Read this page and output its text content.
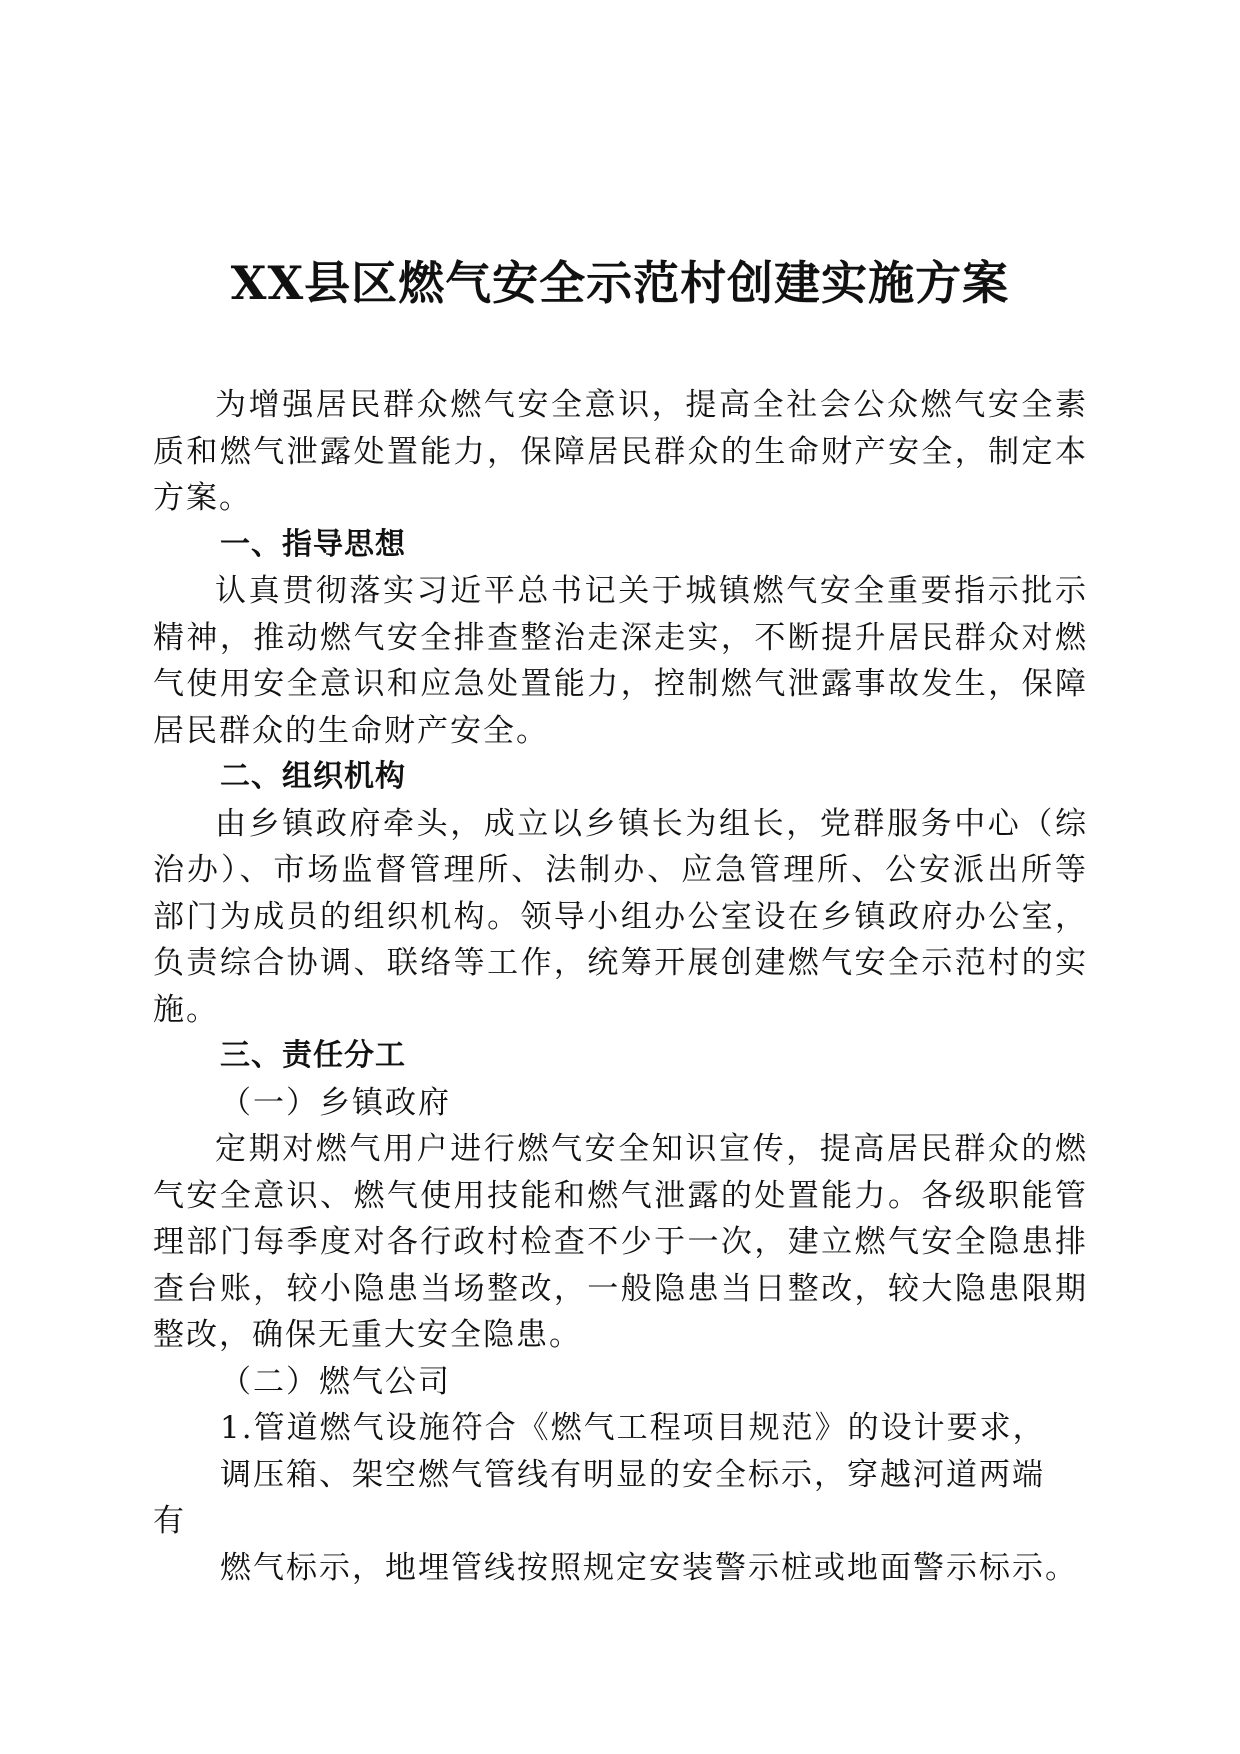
XX县区燃气安全示范村创建实施方案

为增强居民群众燃气安全意识，提高全社会公众燃气安全素质和燃气泄露处置能力，保障居民群众的生命财产安全，制定本方案。

一、指导思想

认真贯彻落实习近平总书记关于城镇燃气安全重要指示批示精神，推动燃气安全排查整治走深走实，不断提升居民群众对燃气使用安全意识和应急处置能力，控制燃气泄露事故发生，保障居民群众的生命财产安全。

二、组织机构

由乡镇政府牵头，成立以乡镇长为组长，党群服务中心（综治办）、市场监督管理所、法制办、应急管理所、公安派出所等部门为成员的组织机构。领导小组办公室设在乡镇政府办公室，负责综合协调、联络等工作，统筹开展创建燃气安全示范村的实施。

三、责任分工

（一）乡镇政府

定期对燃气用户进行燃气安全知识宣传，提高居民群众的燃气安全意识、燃气使用技能和燃气泄露的处置能力。各级职能管理部门每季度对各行政村检查不少于一次，建立燃气安全隐患排查台账，较小隐患当场整改，一般隐患当日整改，较大隐患限期整改，确保无重大安全隐患。

（二）燃气公司

1.管道燃气设施符合《燃气工程项目规范》的设计要求，

调压箱、架空燃气管线有明显的安全标示，穿越河道两端

有

燃气标示，地埋管线按照规定安装警示桩或地面警示标示。
